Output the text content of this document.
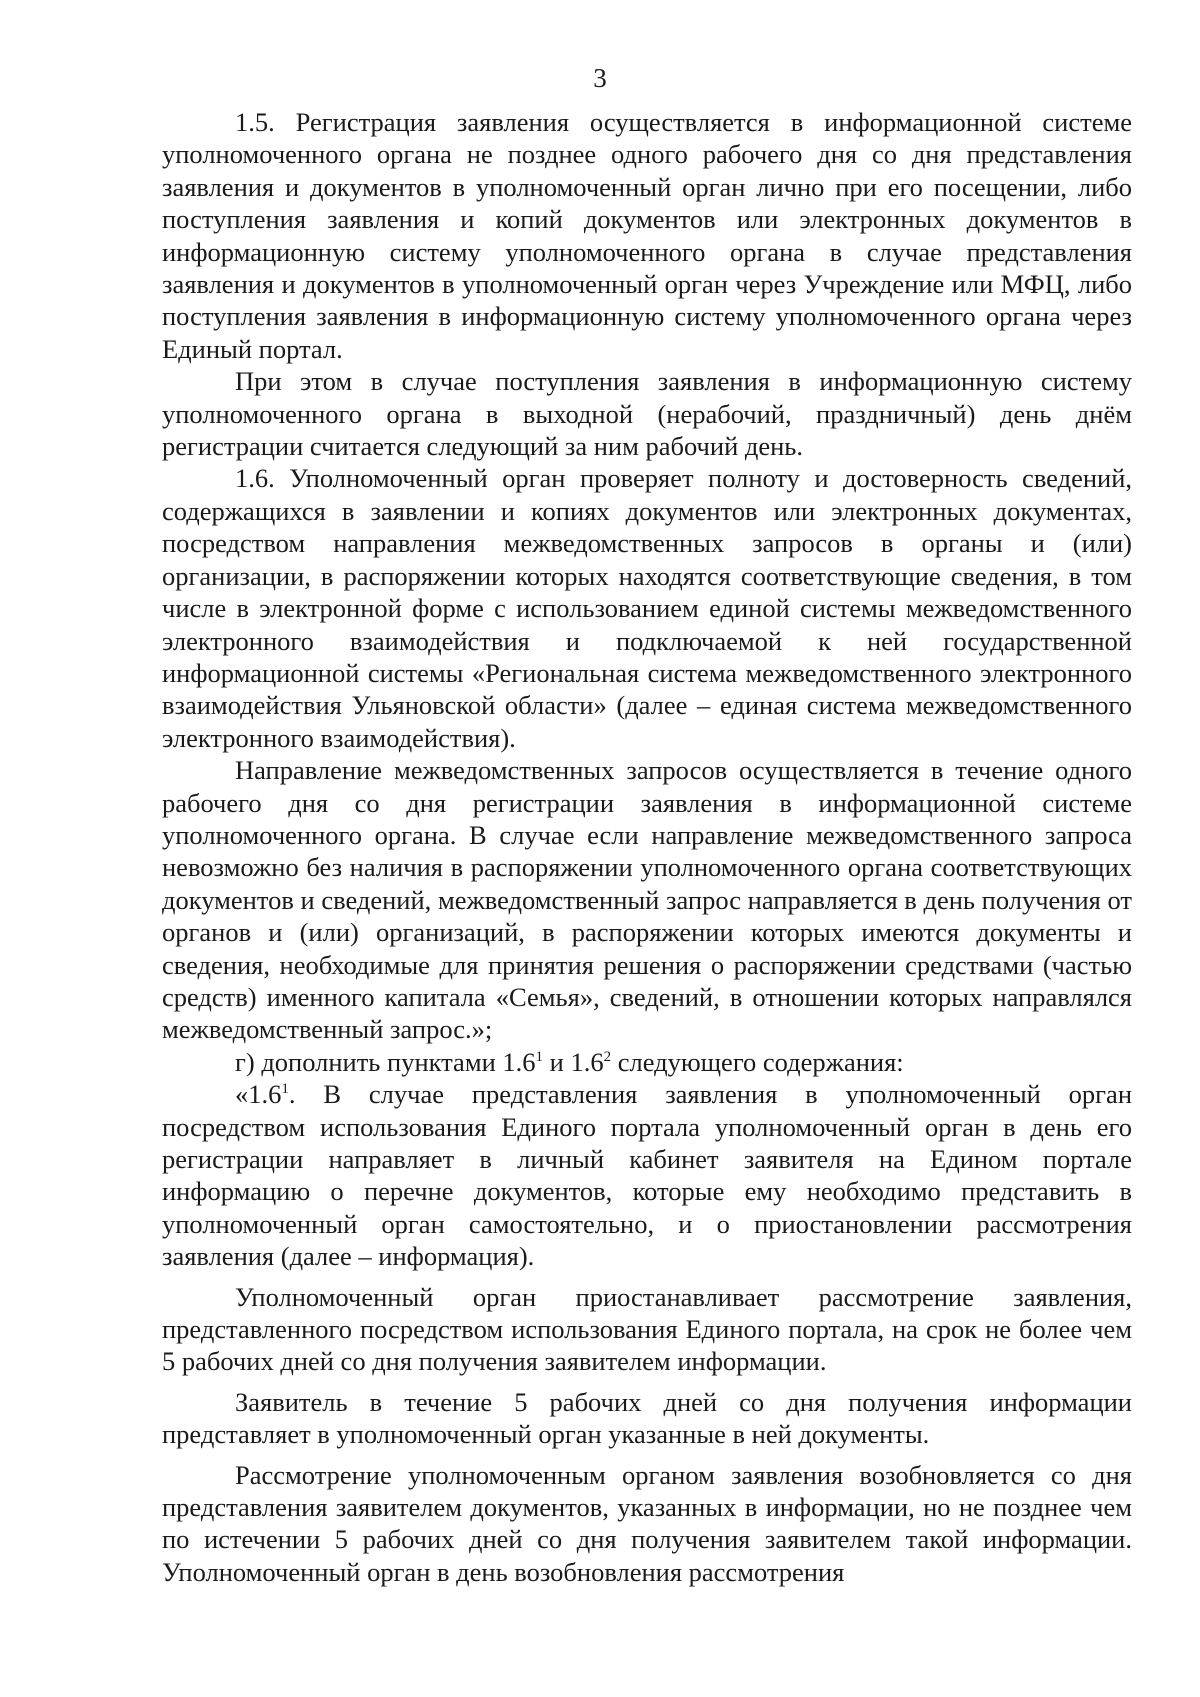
3

1.5. Регистрация заявления осуществляется в информационной системе уполномоченного органа не позднее одного рабочего дня со дня представления заявления и документов в уполномоченный орган лично при его посещении, либо поступления заявления и копий документов или электронных документов в информационную систему уполномоченного органа в случае представления заявления и документов в уполномоченный орган через Учреждение или МФЦ, либо поступления заявления в информационную систему уполномоченного органа через Единый портал.

При этом в случае поступления заявления в информационную систему уполномоченного органа в выходной (нерабочий, праздничный) день днём регистрации считается следующий за ним рабочий день.

1.6. Уполномоченный орган проверяет полноту и достоверность сведений, содержащихся в заявлении и копиях документов или электронных документах, посредством направления межведомственных запросов в органы и (или) организации, в распоряжении которых находятся соответствующие сведения, в том числе в электронной форме с использованием единой системы межведомственного электронного взаимодействия и подключаемой к ней государственной информационной системы «Региональная система межведомственного электронного взаимодействия Ульяновской области» (далее – единая система межведомственного электронного взаимодействия).

Направление межведомственных запросов осуществляется в течение одного рабочего дня со дня регистрации заявления в информационной системе уполномоченного органа. В случае если направление межведомственного запроса невозможно без наличия в распоряжении уполномоченного органа соответствующих документов и сведений, межведомственный запрос направляется в день получения от органов и (или) организаций, в распоряжении которых имеются документы и сведения, необходимые для принятия решения о распоряжении средствами (частью средств) именного капитала «Семья», сведений, в отношении которых направлялся межведомственный запрос.»;

г) дополнить пунктами $1.6^1$ и $1.6^2$ следующего содержания:

«$1.6^1$. В случае представления заявления в уполномоченный орган посредством использования Единого портала уполномоченный орган в день его регистрации направляет в личный кабинет заявителя на Едином портале информацию о перечне документов, которые ему необходимо представить в уполномоченный орган самостоятельно, и о приостановлении рассмотрения заявления (далее – информация).

Уполномоченный орган приостанавливает рассмотрение заявления, представленного посредством использования Единого портала, на срок не более чем 5 рабочих дней со дня получения заявителем информации.

Заявитель в течение 5 рабочих дней со дня получения информации представляет в уполномоченный орган указанные в ней документы.

Рассмотрение уполномоченным органом заявления возобновляется со дня представления заявителем документов, указанных в информации, но не позднее чем по истечении 5 рабочих дней со дня получения заявителем такой информации. Уполномоченный орган в день возобновления рассмотрения
